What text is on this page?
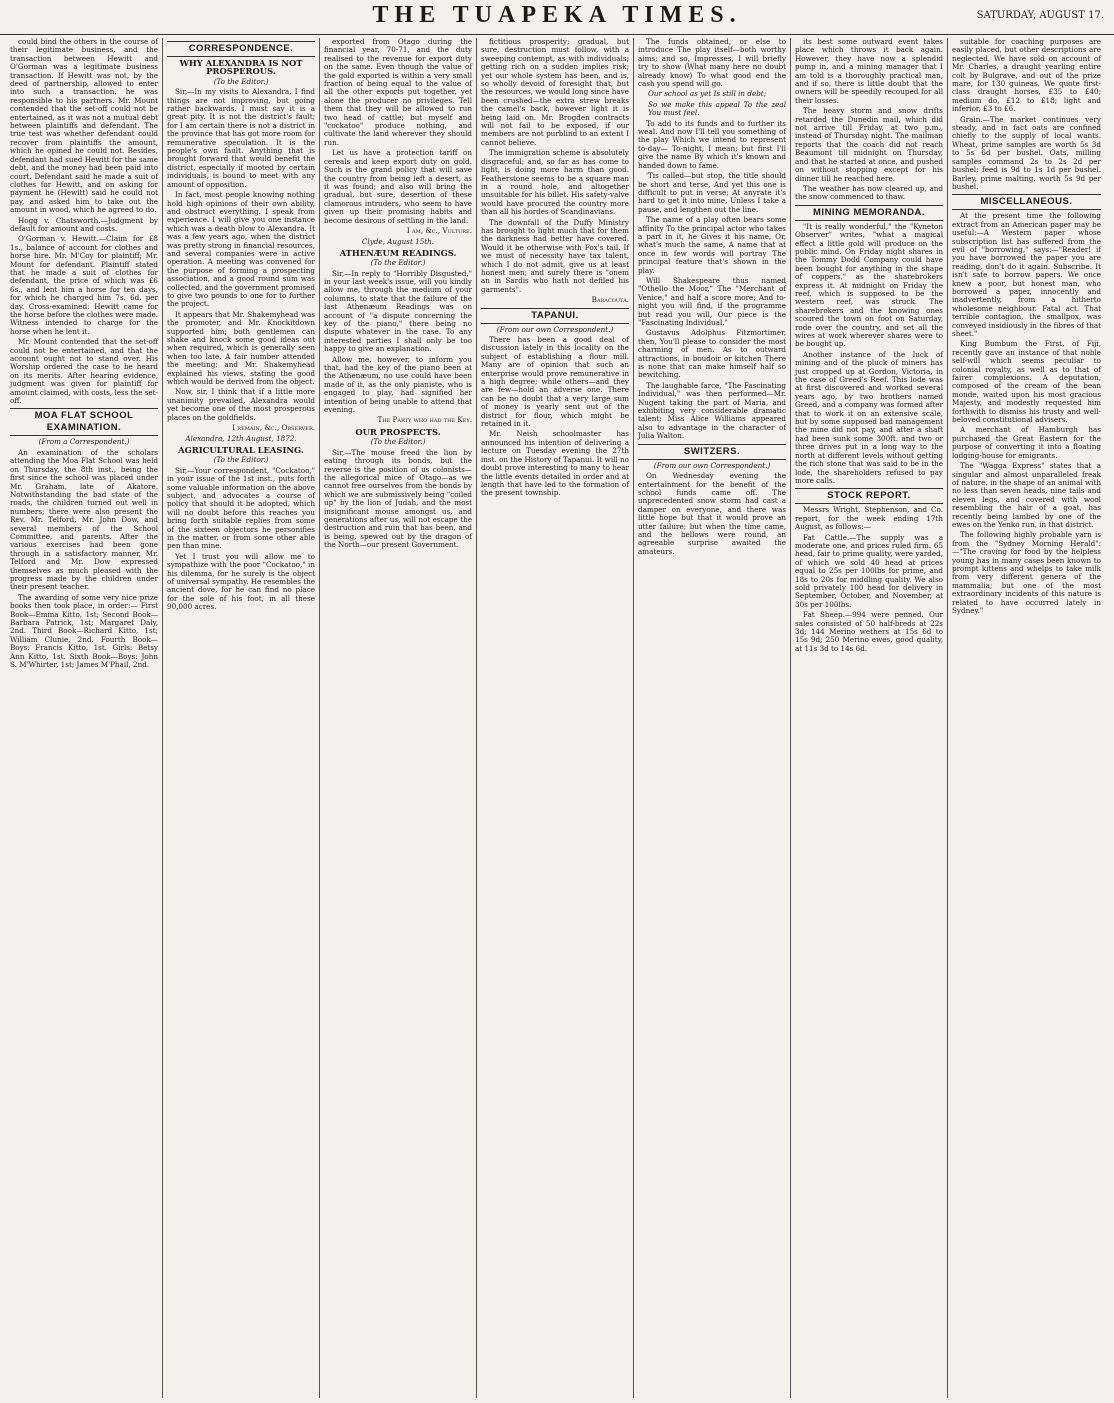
THE TUAPEKA TIMES.	SATURDAY, AUGUST 17.

could bind the others in the course of their legitimate business, and the transaction between Hewitt and O'Gorman was a legitimate business transaction. If Hewitt was not, by the deed of partnership, allowed to enter into such a transaction, he was responsible to his partners. Mr. Mount contended that the set-off could not be entertained, as it was not a mutual debt between plaintiffs and defendant. The true test was whether defendant could recover from plaintiffs the amount, which he opined he could not. Besides, defendant had sued Hewitt for the same debt, and the money had been paid into court. Defendant said he made a suit of clothes for Hewitt, and on asking for payment he (Hewitt) said he could not pay, and asked him to take out the amount in wood, which he agreed to do.

Hogg v. Chatsworth.—Judgment by default for amount and costs.

O'Gorman v. Hewitt.—Claim for £8 1s., balance of account for clothes and horse hire. Mr. M'Coy for plaintiff; Mr. Mount for defendant. Plaintiff stated that he made a suit of clothes for defendant, the price of which was £6 6s., and lent him a horse for ten days, for which he charged him 7s. 6d. per day. Cross-examined: Hewitt came for the horse before the clothes were made. Witness intended to charge for the horse when he lent it.

Mr. Mount contended that the set-off could not be entertained, and that the account ought not to stand over. His Worship ordered the case to be heard on its merits. After hearing evidence, judgment was given for plaintiff for amount claimed, with costs, less the set-off.

MOA FLAT SCHOOL EXAMINATION.
(From a Correspondent.)

An examination of the scholars attending the Moa Flat School was held on Thursday, the 8th inst., being the first since the school was placed under Mr. Graham, late of Akatore. Notwithstanding the bad state of the roads, the children turned out well in numbers; there were also present the Rev. Mr. Telford, Mr. John Dow, and several members of the School Committee, and parents. After the various exercises had been gone through in a satisfactory manner, Mr. Telford and Mr. Dow expressed themselves as much pleased with the progress made by the children under their present teacher.

The awarding of some very nice prize books then took place, in order:— First Book—Emma Kitto, 1st; Second Book—Barbara Patrick, 1st; Margaret Daly, 2nd. Third Book—Richard Kitto, 1st; William Clunie, 2nd. Fourth Book—Boys: Francis Kitto, 1st. Girls: Betsy Ann Kitto, 1st. Sixth Book—Boys: John S. M'Whirter, 1st; James M'Phail, 2nd.

CORRESPONDENCE.
WHY ALEXANDRA IS NOT PROSPEROUS.
(To the Editor.)

Sir,—In my visits to Alexandra, I find things are not improving, but going rather backwards. I must say it is a great pity. It is not the district's fault; for I am certain there is not a district in the province that has got more room for remunerative speculation. It is the people's own fault. Anything that is brought forward that would benefit the district, especially if mooted by certain individuals, is bound to meet with any amount of opposition.

In fact, most people knowing nothing hold high opinions of their own ability, and obstruct everything. I speak from experience. I will give you one instance which was a death blow to Alexandra. It was a few years ago, when the district was pretty strong in financial resources, and several companies were in active operation. A meeting was convened for the purpose of forming a prospecting association, and a good round sum was collected, and the government promised to give two pounds to one for to further the project.

It appears that Mr. Shakemyhead was the promoter, and Mr. Knockitdown supported him; both gentlemen can shake and knock some good ideas out when required, which is generally seen when too late. A fair number attended the meeting; and Mr. Shakemyhead explained his views, stating the good which would be derived from the object.

Now, sir, I think that if a little more unanimity prevailed, Alexandra would yet become one of the most prosperous places on the goldfields.

I remain, &c., Observer.
Alexandra, 12th August, 1872.
AGRICULTURAL LEASING.
(To the Editor.)

Sir,—Your correspondent, "Cockatoo," in your issue of the 1st inst., puts forth some valuable information on the above subject, and advocates a course of policy that should it be adopted, which will no doubt before this reaches you bring forth suitable replies from some of the sixteen objectors he personifies in the matter, or from some other able pen than mine.

Yet I trust you will allow me to sympathize with the poor "Cockatoo," in his dilemma, for he surely is the object of universal sympathy. He resembles the ancient dove, for he can find no place for the sole of his foot, in all these 90,000 acres.

exported from Otago during the financial year, 70-71, and the duty realised to the revenue for export duty on the same. Even though the value of the gold exported is within a very small fraction of being equal to the value of all the other exports put together, yet alone the producer no privileges. Tell them that they will be allowed to run two head of cattle; but myself and "cockatoo" produce nothing, and cultivate the land wherever they should run.

Let us have a protection tariff on cereals and keep export duty on gold. Such is the grand policy that will save the country from being left a desert, as it was found; and also will bring the gradual, but sure, desertion of these clamorous intruders, who seem to have given up their promising habits and become desirous of settling in the land.

I am, &c., Vulture.
Clyde, August 15th.
ATHENÆUM READINGS.
(To the Editor.)

Sir,—In reply to "Horribly Disgusted," in your last week's issue, will you kindly allow me, through the medium of your columns, to state that the failure of the last Athenæum Readings was on account of "a dispute concerning the key of the piano," there being no dispute whatever in the case. To any interested parties I shall only be too happy to give an explanation.

Allow me, however, to inform you that, had the key of the piano been at the Athenæum, no use could have been made of it, as the only pianiste, who is engaged to play, had signified her intention of being unable to attend that evening.

The Party who had the Key.
OUR PROSPECTS.
(To the Editor.)

Sir,—The mouse freed the lion by eating through its bonds, but the reverse is the position of us colonists—the allegorical mice of Otago—as we cannot free ourselves from the bonds by which we are submissively being "coiled up" by the lion of Judah, and the most insignificant mouse amongst us, and generations after us, will not escape the destruction and ruin that has been, and is being, spewed out by the dragon of the North—our present Government.

fictitious prosperity; gradual, but sure, destruction must follow, with a sweeping contempt, as with individuals; getting rich on a sudden implies risk; yet our whole system has been, and is, so wholly devoid of foresight that, but the resources, we would long since have been crushed—the extra strew breaks the camel's back, however light it is being laid on. Mr. Brogden contracts will not fail to be exposed, if our members are not purblind to an extent I cannot believe.

The immigration scheme is absolutely disgraceful; and, so far as has come to light, is doing more harm than good. Featherstone seems to be a square man in a round hole, and altogether unsuitable for his billet. His safety-valve would have procured the country more than all his hordes of Scandinavians.

The downfall of the Duffy Ministry has brought to light much that for them the darkness had better have covered. Would it be otherwise with Fox's tail. If we must of necessity have tax talent, which I do not admit, give us at least honest men; and surely there is "onem an in Sardis who hath not defiled his garments".

Baracouta.
TAPANUI.
(From our own Correspondent.)

There has been a good deal of discussion lately in this locality on the subject of establishing a flour mill. Many are of opinion that such an enterprise would prove remunerative in a high degree; while others—and they are few—hold an adverse one. There can be no doubt that a very large sum of money is yearly sent out of the district for flour, which might be retained in it.

Mr. Neish schoolmaster has announced his intention of delivering a lecture on Tuesday evening the 27th inst. on the History of Tapanui. It will no doubt prove interesting to many to hear the little events detailed in order and at length that have led to the formation of the present township.

The funds obtained, or else to introduce The play itself—both worthy aims; and so, Impresses, I will briefly try to show (What many here no doubt already know) To what good end the cash you spend will go.

Our school as yet Is still in debt;

So we make this appeal To the zeal You must feel.

To add to its funds and to further its weal. And now I'll tell you something of the play Which we intend to represent to-day— To-night, I mean; but first I'll give the name By which it's known and handed down to fame.

'Tis called—but stop, the title should be short and terse, And yet this one is difficult to put in verse; At anyrate it's hard to get it into mine, Unless I take a pause, and lengthen out the line.

The name of a play often bears some affinity To the principal actor who takes a part in it, he Gives it his name, Or, what's much the same, A name that at once in few words will portray The principal feature that's shown in the play.

Will Shakespeare thus named "Othello the Moor," The "Merchant of Venice," and half a score more; And to-night you will find, if the programme but read you will, Our piece is the "Fascinating Individual."

Gustavus Adolphus Fitzmortimer, then, You'll please to consider the most charming of men. As to outward attractions, in boudoir or kitchen There is none that can make himself half so bewitching.

The laughable farce, "The Fascinating Individual," was then performed—Mr. Nugent taking the part of Maria, and exhibiting very considerable dramatic talent; Miss Alice Williams appeared also to advantage in the character of Julia Walton.

SWITZERS.
(From our own Correspondent.)

On Wednesday evening the entertainment for the benefit of the school funds came off. The unprecedented snow storm had cast a damper on everyone, and there was little hope but that it would prove an utter failure; but when the time came, and the bellows were round, an agreeable surprise awaited the amateurs.

its best some outward event takes place which throws it back again. However, they have now a splendid pump in, and a mining manager that I am told is a thoroughly practical man, and if so, there is little doubt that the owners will be speedily recouped for all their losses.

The heavy storm and snow drifts retarded the Dunedin mail, which did not arrive till Friday, at two p.m., instead of Thursday night. The mailman reports that the coach did not reach Beaumont till midnight on Thursday, and that he started at once, and pushed on without stopping except for his dinner till he reached here.

The weather has now cleared up, and the snow commenced to thaw.

MINING MEMORANDA.

"It is really wonderful," the "Kyneton Observer" writes, "what a magical effect a little gold will produce on the public mind. On Friday night shares in the Tommy Dodd Company could have been bought for anything in the shape of coppers," as the sharebrokers express it. At midnight on Friday the reef, which is supposed to be the western reef, was struck. The sharebrokers and the knowing ones scoured the town on foot on Saturday, rode over the country, and set all the wires at work wherever shares were to be bought up.

Another instance of the luck of mining and of the pluck of miners has just cropped up at Gordon, Victoria, in the case of Greed's Reef. This lode was at first discovered and worked several years ago, by two brothers named Greed, and a company was formed after that to work it on an extensive scale, but by some supposed bad management the mine did not pay, and after a shaft had been sunk some 300ft. and two or three drives put in a long way to the north at different levels without getting the rich stone that was said to be in the lode, the shareholders refused to pay more calls.

STOCK REPORT.

Messrs Wright, Stephenson, and Co. report, for the week ending 17th August, as follows:—

Fat Cattle.—The supply was a moderate one, and prices ruled firm. 65 head, fair to prime quality, were yarded, of which we sold 40 head at prices equal to 25s per 100lbs for prime, and 18s to 20s for middling quality. We also sold privately 100 head for delivery in September, October, and November, at 30s per 100lbs.

Fat Sheep.—994 were penned. Our sales consisted of 50 half-breds at 22s 3d; 144 Merino wethers at 15s 6d to 15s 9d; 250 Merino ewes, good quality, at 11s 3d to 14s 6d.

suitable for coaching purposes are easily placed, but other descriptions are neglected. We have sold on account of Mr. Charles, a draught yearling entire colt by Bulgrave, and out of the prize mare, for 130 guineas. We quote first-class draught horses, £35 to £40; medium do, £12 to £18; light and inferior, £3 to £6.

Grain.—The market continues very steady, and in fact oats are confined chiefly to the supply of local wants. Wheat, prime samples are worth 5s 3d to 5s 6d per bushel. Oats, milling samples command 2s to 2s 2d per bushel; feed is 9d to 1s 1d per bushel. Barley, prime malting, worth 5s 9d per bushel.

MISCELLANEOUS.

At the present time the following extract from an American paper may be useful:—A Western paper whose subscription list has suffered from the evil of "borrowing," says:—"Reader! if you have borrowed the paper you are reading, don't do it again. Subscribe. It isn't safe to borrow papers. We once knew a poor, but honest man, who borrowed a paper, innocently and inadvertently, from a hitherto wholesome neighbour. Fatal act. That terrible contagion, the smallpox, was conveyed insidiously in the fibres of that sheet."

King Bumbum the First, of Fiji, recently gave an instance of that noble self-will which seems peculiar to colonial royalty, as well as to that of fairer complexions. A deputation, composed of the cream of the bean monde, waited upon his most gracious Majesty, and modestly requested him forthwith to dismiss his trusty and well-beloved constitutional advisers.

A merchant of Hamburgh has purchased the Great Eastern for the purpose of converting it into a floating lodging-house for emigrants.

The "Wagga Express" states that a singular and almost unparalleled freak of nature, in the shape of an animal with no less than seven heads, nine tails and eleven legs, and covered with wool resembling the hair of a goat, has recently being lambed by one of the ewes on the Yenko run, in that district.

The following highly probable yarn is from the "Sydney Morning Herald":—"The craving for food by the helpless young has in many cases been known to prompt kittens and whelps to take milk from very different genera of the mammalia; but one of the most extraordinary incidents of this nature is related to have occurred lately in Sydney."
